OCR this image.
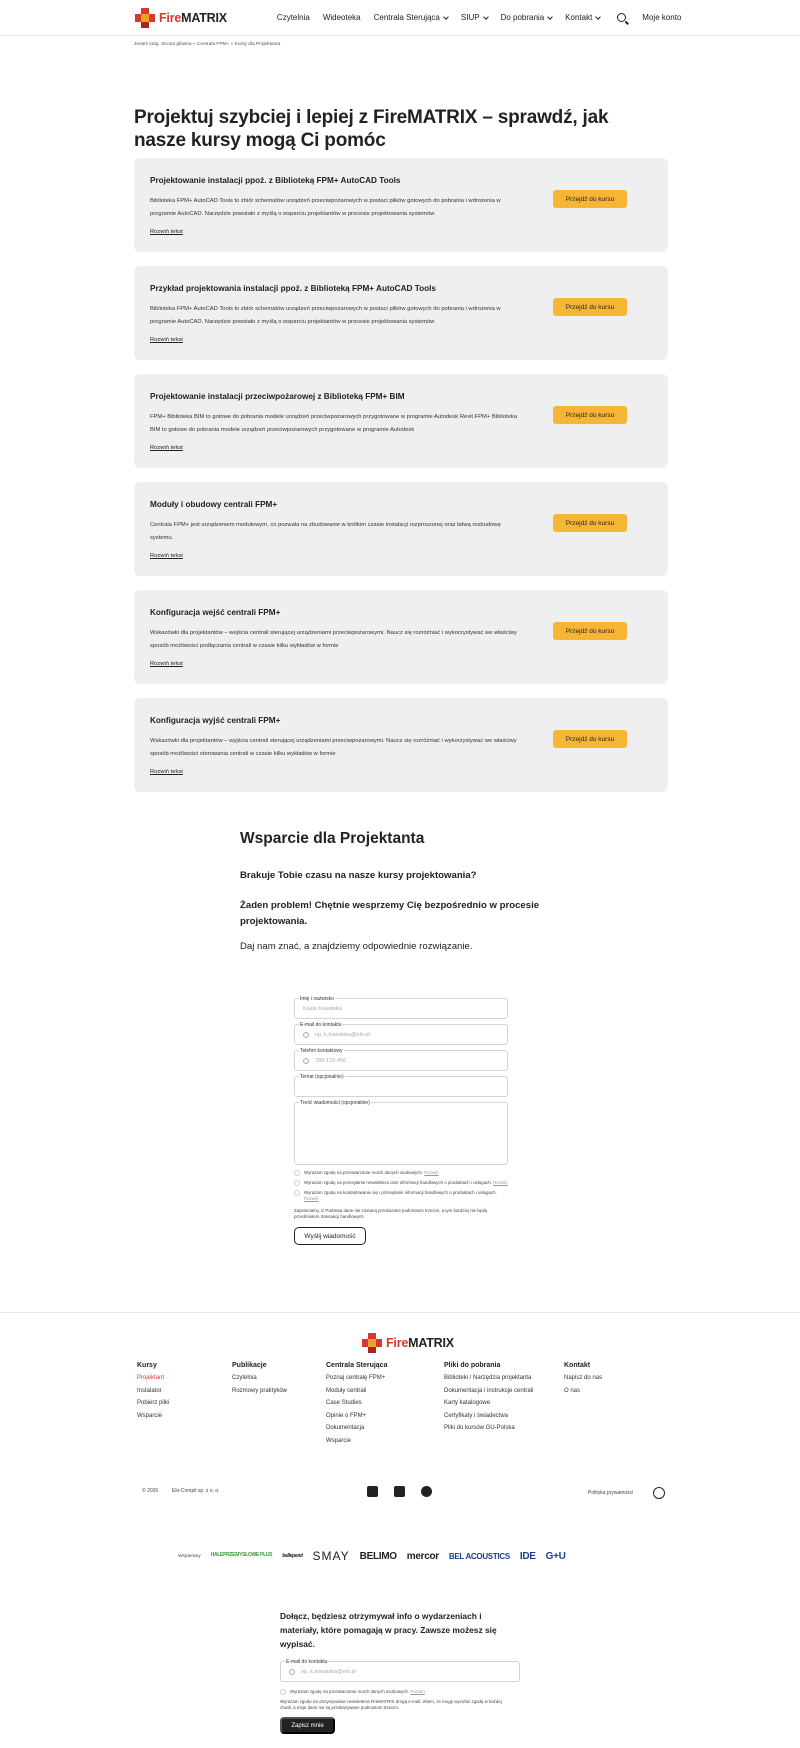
FireMATRIX	Czytelnia Wideoteka Centrala Sterująca	SIUP	Do pobrania	Kontakt	Moje konto
Jesteś tutaj: Strona główna » Centrala FPM+ » Kursy dla Projektanta
Projektuj szybciej i lepiej z FireMATRIX – sprawdź, jak nasze kursy mogą Ci pomóc
Projektowanie instalacji ppoż. z Biblioteką FPM+ AutoCAD Tools
Biblioteka FPM+ AutoCAD Tools to zbiór schematów urządzeń przeciwpożarowych w postaci plików gotowych do pobrania i wdrożenia w programie AutoCAD. Narzędzie powstało z myślą o wsparciu projektantów w procesie projektowania systemów
Rozwiń tekst
Przejdź do kursu
Przykład projektowania instalacji ppoż. z Biblioteką FPM+ AutoCAD Tools
Biblioteka FPM+ AutoCAD Tools to zbiór schematów urządzeń przeciwpożarowych w postaci plików gotowych do pobrania i wdrożenia w programie AutoCAD. Narzędzie powstało z myślą o wsparciu projektantów w procesie projektowania systemów
Rozwiń tekst
Przejdź do kursu
Projektowanie instalacji przeciwpożarowej z Biblioteką FPM+ BIM
FPM+ Biblioteka BIM to gotowe do pobrania modele urządzeń przeciwpożarowych przygotowane w programie Autodesk Revit.FPM+ Biblioteka BIM to gotowe do pobrania modele urządzeń przeciwpożarowych przygotowane w programie Autodesk
Rozwiń tekst
Przejdź do kursu
Moduły i obudowy centrali FPM+
Centrala FPM+ jest urządzeniem modułowym, co pozwala na zbudowanie w krótkim czasie instalacji rozproszonej oraz łatwą rozbudowę systemu.
Rozwiń tekst
Przejdź do kursu
Konfiguracja wejść centrali FPM+
Wskazówki dla projektantów – wejścia centrali sterującej urządzeniami przeciwpożarowymi. Naucz się rozróżniać i wykorzystywać we właściwy sposób możliwości podłączania centrali w czasie kilku wykładów w formie
Rozwiń tekst
Przejdź do kursu
Konfiguracja wyjść centrali FPM+
Wskazówki dla projektantów – wyjścia centrali sterującej urządzeniami przeciwpożarowymi. Naucz się rozróżniać i wykorzystywać we właściwy sposób możliwości sterowania centrali w czasie kilku wykładów w formie
Rozwiń tekst
Przejdź do kursu
Wsparcie dla Projektanta

Brakuje Tobie czasu na nasze kursy projektowania?

Żaden problem! Chętnie wesprzemy Cię bezpośrednio w procesie projektowania.

Daj nam znać, a znajdziemy odpowiednie rozwiązanie.

Imię i nazwisko
Kasia Kowalska
E-mail do kontaktu
np. k.kowalska@elo.pl
Telefon kontaktowy
789-123-456
Temat (opcjonalnie)
Treść wiadomości (opcjonalnie)
Wyrażam zgodę na przetwarzanie moich danych osobowych. Rozwiń
Wyrażam zgodę na przesyłanie newslettera oraz informacji handlowych o produktach i usługach. Rozwiń
Wyrażam zgodę na kontaktowanie się i przesyłanie informacji handlowych o produktach i usługach. Rozwiń

Zapewniamy, iż Państwa dane nie zostaną przekazane podmiotom trzecim, a tym bardziej nie będą przedmiotem transakcji handlowych.

Wyślij wiadomość
FireMATRIX
Kursy
Projektant
Instalator
Pobierz pliki
Wsparcie
Publikacje
Czytelnia
Rozmowy praktyków
Centrala Sterująca
Poznaj centralę FPM+
Moduły centrali
Case Studies
Opinie o FPM+
Dokumentacja
Wsparcie
Pliki do pobrania
Biblioteki / Narzędzia projektanta
Dokumentacja i instrukcje centrali
Karty katalogowe
Certyfikaty i świadectwa
Pliki do kursów GU-Polska
Kontakt
Napisz do nas
O nas
© 2026	Elo-Compil sp. z o. o.	Polityka prywatności
Wspierany HALEPRZEMYSŁOWE PLUS belleperel SMAY BELIMO mercor BEL ACOUSTICS IDE G+U

Dołącz, będziesz otrzymywał info o wydarzeniach i materiały, które pomagają w pracy. Zawsze możesz się wypisać.

E-mail do kontaktu
np. k.kowalska@elo.pl
Wyrażam zgodę na przetwarzanie moich danych osobowych. Rozwiń

Wyrażam zgodę na otrzymywanie newslettera FireMATRIX drogą e-mail. Wiem, że mogę wycofać zgodę w każdej chwili, a moje dane nie są przekazywane podmiotom trzecim.

Zapisz mnie
